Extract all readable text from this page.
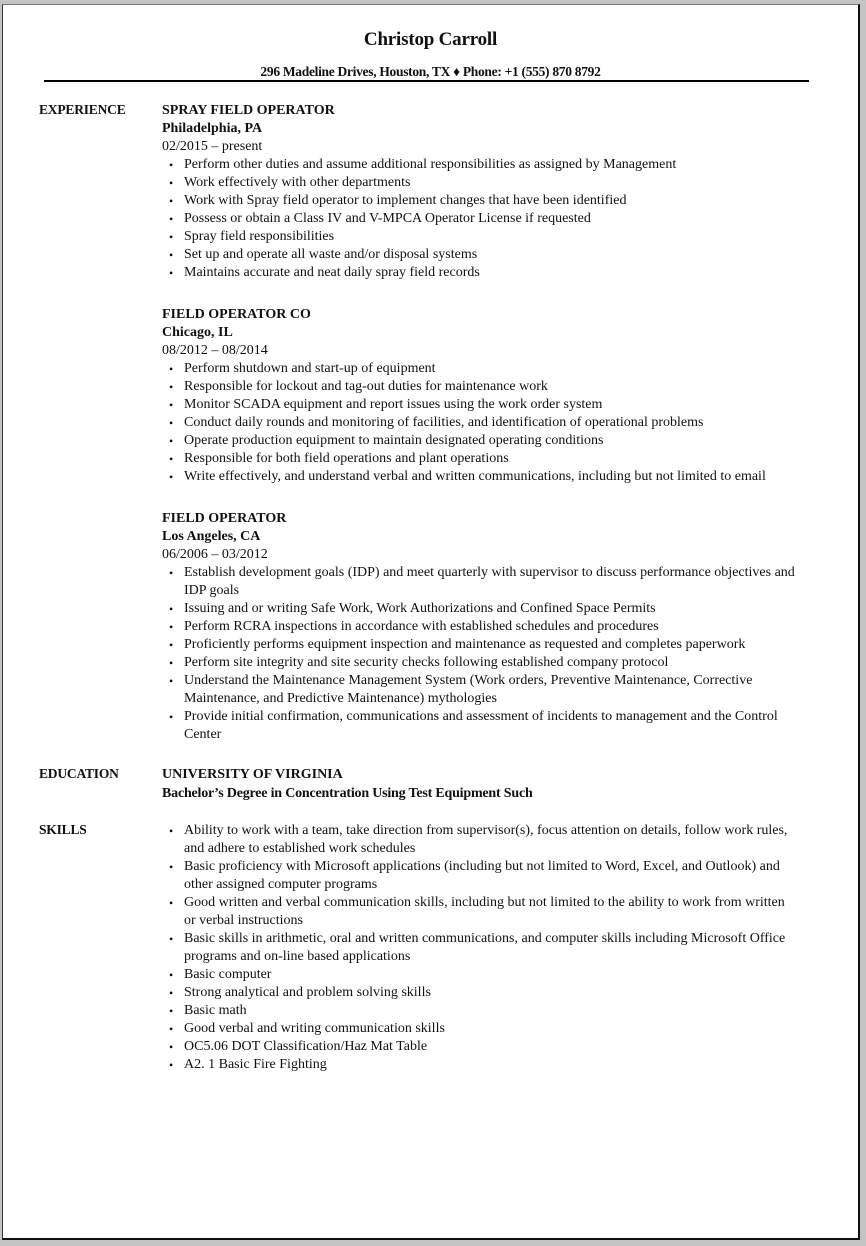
Christop Carroll
296 Madeline Drives, Houston, TX ♦ Phone: +1 (555) 870 8792
EXPERIENCE	SPRAY FIELD OPERATOR
Philadelphia, PA
02/2015 – present
• Perform other duties and assume additional responsibilities as assigned by Management
• Work effectively with other departments
• Work with Spray field operator to implement changes that have been identified
• Possess or obtain a Class IV and V-MPCA Operator License if requested
• Spray field responsibilities
• Set up and operate all waste and/or disposal systems
• Maintains accurate and neat daily spray field records
FIELD OPERATOR CO
Chicago, IL
08/2012 – 08/2014
• Perform shutdown and start-up of equipment
• Responsible for lockout and tag-out duties for maintenance work
• Monitor SCADA equipment and report issues using the work order system
• Conduct daily rounds and monitoring of facilities, and identification of operational problems
• Operate production equipment to maintain designated operating conditions
• Responsible for both field operations and plant operations
• Write effectively, and understand verbal and written communications, including but not limited to email
FIELD OPERATOR
Los Angeles, CA
06/2006 – 03/2012
• Establish development goals (IDP) and meet quarterly with supervisor to discuss performance objectives and IDP goals
• Issuing and or writing Safe Work, Work Authorizations and Confined Space Permits
• Perform RCRA inspections in accordance with established schedules and procedures
• Proficiently performs equipment inspection and maintenance as requested and completes paperwork
• Perform site integrity and site security checks following established company protocol
• Understand the Maintenance Management System (Work orders, Preventive Maintenance, Corrective Maintenance, and Predictive Maintenance) mythologies
• Provide initial confirmation, communications and assessment of incidents to management and the Control Center
EDUCATION	UNIVERSITY OF VIRGINIA
Bachelor’s Degree in Concentration Using Test Equipment Such
SKILLS	• Ability to work with a team, take direction from supervisor(s), focus attention on details, follow work rules, and adhere to established work schedules
• Basic proficiency with Microsoft applications (including but not limited to Word, Excel, and Outlook) and other assigned computer programs
• Good written and verbal communication skills, including but not limited to the ability to work from written or verbal instructions
• Basic skills in arithmetic, oral and written communications, and computer skills including Microsoft Office programs and on-line based applications
• Basic computer
• Strong analytical and problem solving skills
• Basic math
• Good verbal and writing communication skills
• OC5.06 DOT Classification/Haz Mat Table
• A2. 1 Basic Fire Fighting
